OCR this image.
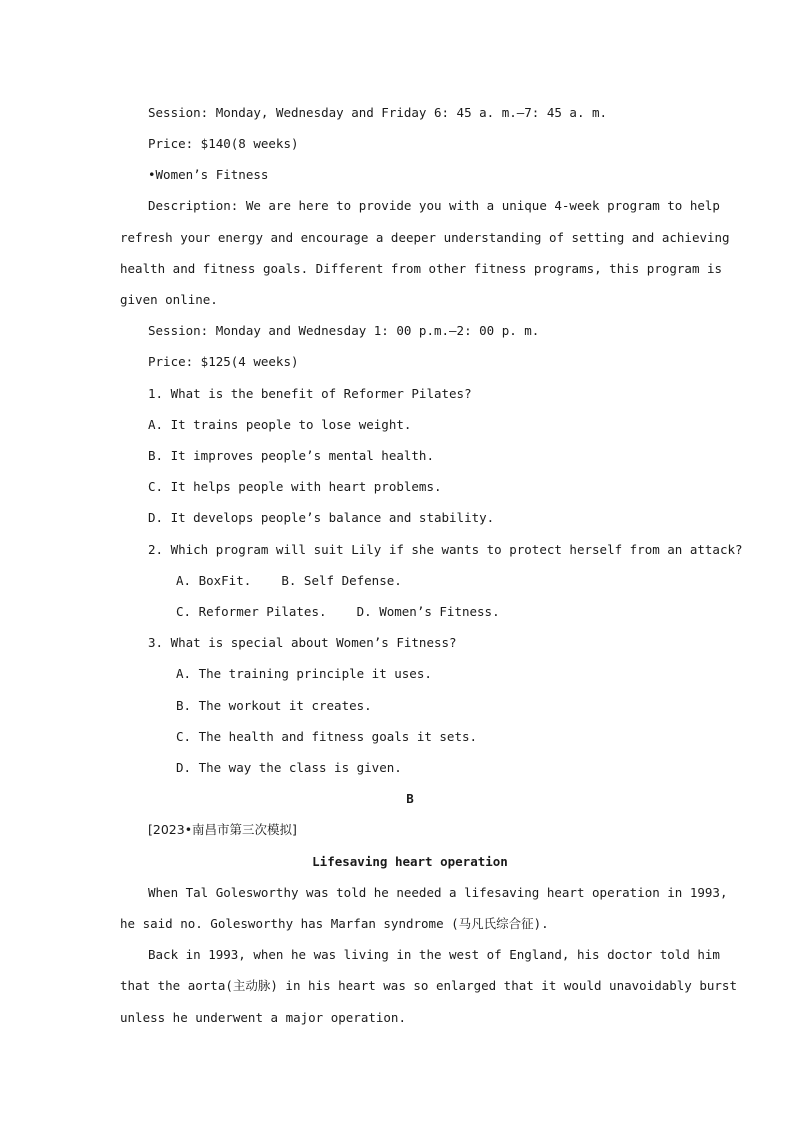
Session: Monday, Wednesday and Friday 6: 45 a. m.—7: 45 a. m.
Price: $140(8 weeks)
•Women’s Fitness
Description: We are here to provide you with a unique 4-week program to help
refresh your energy and encourage a deeper understanding of setting and achieving
health and fitness goals. Different from other fitness programs, this program is
given online.
Session: Monday and Wednesday 1: 00 p.m.—2: 00 p. m.
Price: $125(4 weeks)
1. What is the benefit of Reformer Pilates?
A. It trains people to lose weight.
B. It improves people’s mental health.
C. It helps people with heart problems.
D. It develops people’s balance and stability.
2. Which program will suit Lily if she wants to protect herself from an attack?
A. BoxFit.    B. Self Defense.
C. Reformer Pilates.    D. Women’s Fitness.
3. What is special about Women’s Fitness?
A. The training principle it uses.
B. The workout it creates.
C. The health and fitness goals it sets.
D. The way the class is given.
B
[2023•南昌市第三次模拟]
Lifesaving heart operation
When Tal Golesworthy was told he needed a lifesaving heart operation in 1993,
he said no. Golesworthy has Marfan syndrome (马凡氏综合征).
Back in 1993, when he was living in the west of England, his doctor told him
that the aorta(主动脉) in his heart was so enlarged that it would unavoidably burst
unless he underwent a major operation.
